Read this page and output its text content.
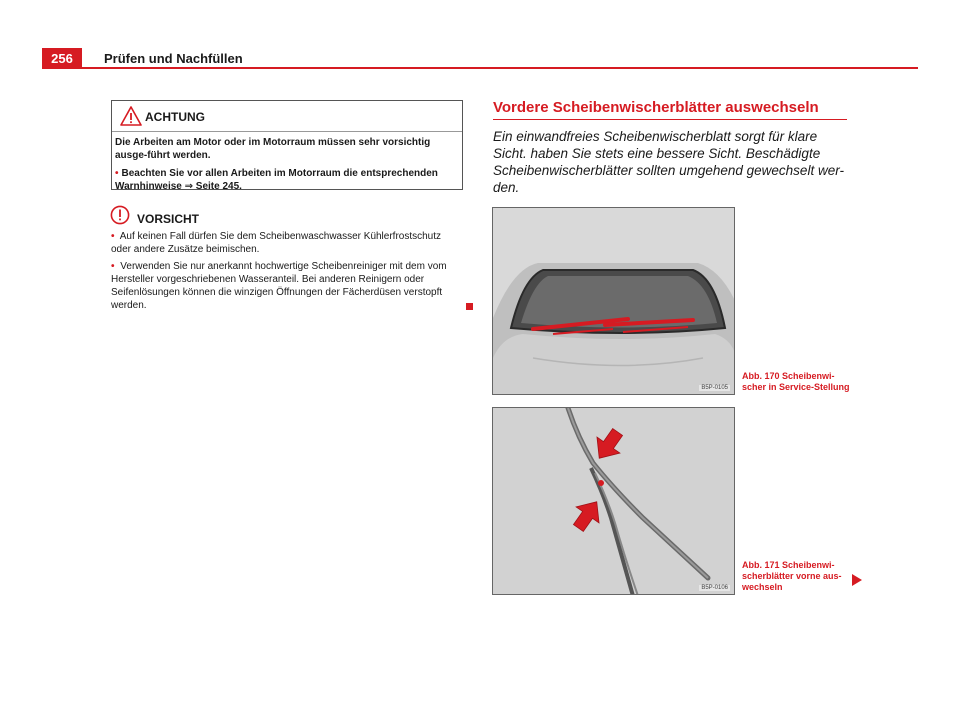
256	Prüfen und Nachfüllen
ACHTUNG

Die Arbeiten am Motor oder im Motorraum müssen sehr vorsichtig ausge-führt werden.

• Beachten Sie vor allen Arbeiten im Motorraum die entsprechenden Warnhinweise ⇒ Seite 245.

VORSICHT

• Auf keinen Fall dürfen Sie dem Scheibenwaschwasser Kühlerfrostschutz oder andere Zusätze beimischen.

• Verwenden Sie nur anerkannt hochwertige Scheibenreiniger mit dem vom Hersteller vorgeschriebenen Wasseranteil. Bei anderen Reinigern oder Seifenlösungen können die winzigen Öffnungen der Fächerdüsen verstopft werden.

Vordere Scheibenwischerblätter auswechseln
Ein einwandfreies Scheibenwischerblatt sorgt für klare Sicht. haben Sie stets eine bessere Sicht. Beschädigte Scheibenwischerblätter sollten umgehend gewechselt wer-den.
B5P-0105
Abb. 170 Scheibenwi-scher in Service-Stellung
B5P-0106
Abb. 171 Scheibenwi-scherblätter vorne aus-wechseln
